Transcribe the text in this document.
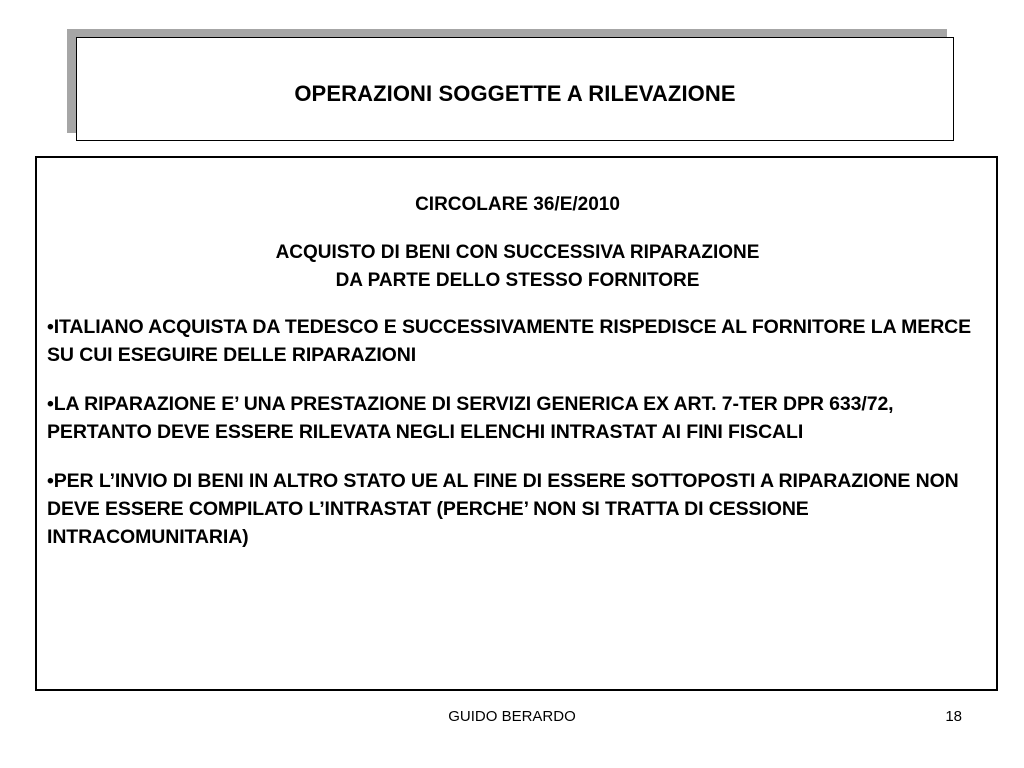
OPERAZIONI SOGGETTE A RILEVAZIONE
CIRCOLARE 36/E/2010
ACQUISTO DI BENI CON SUCCESSIVA RIPARAZIONE
DA PARTE DELLO STESSO FORNITORE
•ITALIANO ACQUISTA DA TEDESCO E SUCCESSIVAMENTE RISPEDISCE AL FORNITORE LA MERCE SU CUI ESEGUIRE DELLE RIPARAZIONI
•LA RIPARAZIONE E’ UNA PRESTAZIONE DI SERVIZI GENERICA EX ART. 7-TER DPR 633/72, PERTANTO DEVE ESSERE RILEVATA NEGLI ELENCHI INTRASTAT AI FINI FISCALI
•PER L’INVIO DI BENI IN ALTRO STATO UE AL FINE DI ESSERE SOTTOPOSTI A RIPARAZIONE NON DEVE ESSERE COMPILATO L’INTRASTAT (PERCHE’ NON SI TRATTA DI CESSIONE INTRACOMUNITARIA)
GUIDO BERARDO	18
